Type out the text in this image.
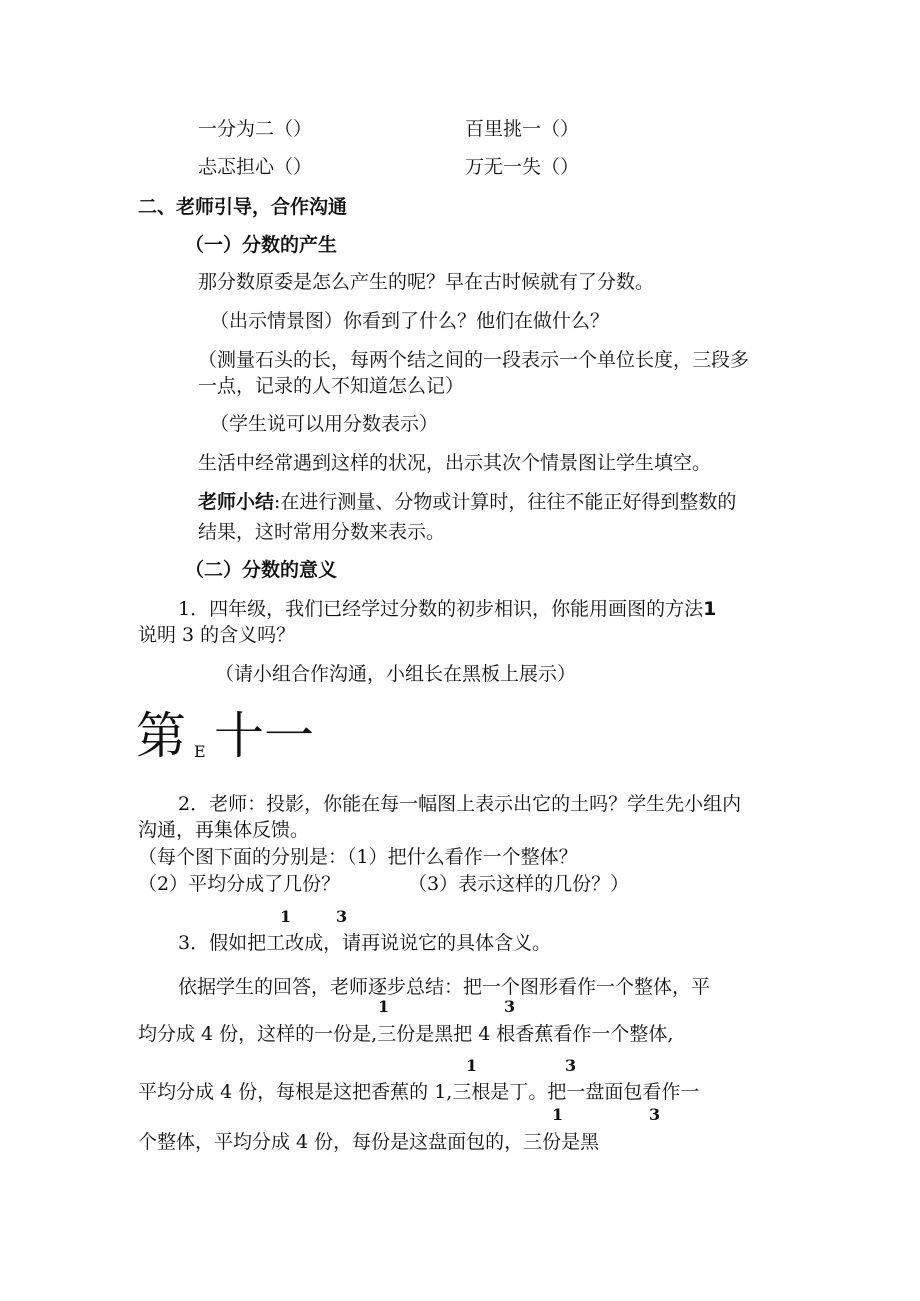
一分为二（）	百里挑一（）
忐忑担心（）	万无一失（）
二、老师引导，合作沟通
（一）分数的产生
那分数原委是怎么产生的呢？早在古时候就有了分数。
（出示情景图）你看到了什么？他们在做什么？
（测量石头的长，每两个结之间的一段表示一个单位长度，三段多
一点，记录的人不知道怎么记）
（学生说可以用分数表示）
生活中经常遇到这样的状况，出示其次个情景图让学生填空。
老师小结:在进行测量、分物或计算时，往往不能正好得到整数的
结果，这时常用分数来表示。
（二）分数的意义
1．四年级，我们已经学过分数的初步相识，你能用画图的方法1
说明 3 的含义吗？
（请小组合作沟通，小组长在黑板上展示）
第 E 十一
2．老师：投影，你能在每一幅图上表示出它的土吗？学生先小组内
沟通，再集体反馈。
（每个图下面的分别是：（1）把什么看作一个整体？
（2）平均分成了几份？	（3）表示这样的几份？）
1	3
3．假如把工改成，请再说说它的具体含义。
依据学生的回答，老师逐步总结：把一个图形看作一个整体，平
1	3
均分成 4 份，这样的一份是,三份是黑把 4 根香蕉看作一个整体,
1	3
平均分成 4 份，每根是这把香蕉的 1,三根是丁。把一盘面包看作一
1	3
个整体，平均分成 4 份，每份是这盘面包的，三份是黑
